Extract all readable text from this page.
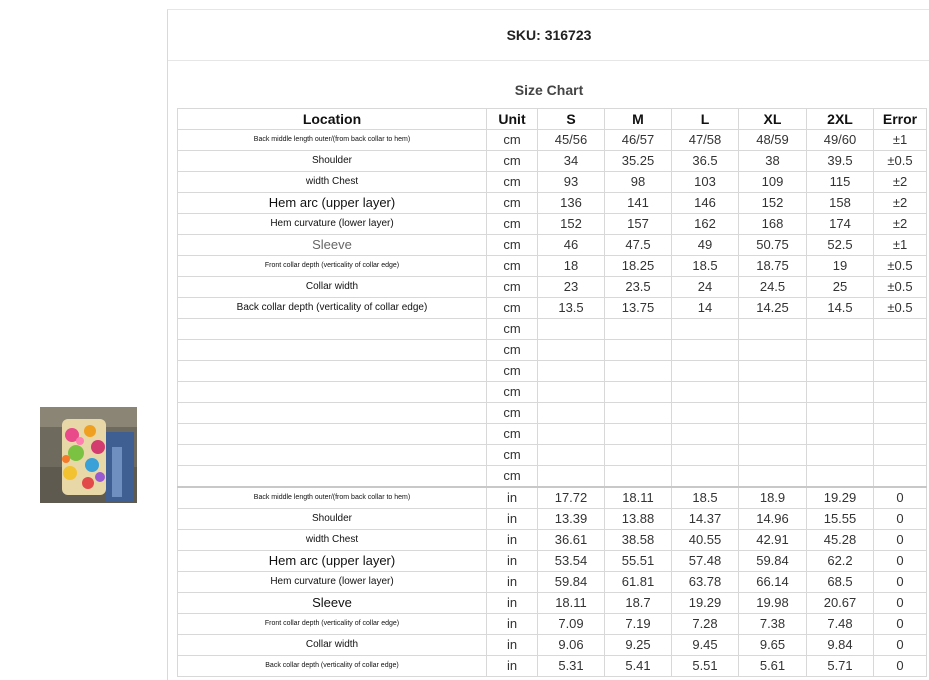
SKU: 316723
Size Chart
Location	Unit	S	M	L	XL	2XL	Error
Back middle length outer/(from back collar to hem)	cm	45/56	46/57	47/58	48/59	49/60	±1
Shoulder	cm	34	35.25	36.5	38	39.5	±0.5
width Chest	cm	93	98	103	109	115	±2
Hem arc (upper layer)	cm	136	141	146	152	158	±2
Hem curvature (lower layer)	cm	152	157	162	168	174	±2
Sleeve	cm	46	47.5	49	50.75	52.5	±1
Front collar depth (verticality of collar edge)	cm	18	18.25	18.5	18.75	19	±0.5
Collar width	cm	23	23.5	24	24.5	25	±0.5
Back collar depth (verticality of collar edge)	cm	13.5	13.75	14	14.25	14.5	±0.5
	cm						
	cm						
	cm						
	cm						
	cm						
	cm						
	cm						
	cm						
Back middle length outer/(from back collar to hem)	in	17.72	18.11	18.5	18.9	19.29	0
Shoulder	in	13.39	13.88	14.37	14.96	15.55	0
width Chest	in	36.61	38.58	40.55	42.91	45.28	0
Hem arc (upper layer)	in	53.54	55.51	57.48	59.84	62.2	0
Hem curvature (lower layer)	in	59.84	61.81	63.78	66.14	68.5	0
Sleeve	in	18.11	18.7	19.29	19.98	20.67	0
Front collar depth (verticality of collar edge)	in	7.09	7.19	7.28	7.38	7.48	0
Collar width	in	9.06	9.25	9.45	9.65	9.84	0
Back collar depth (verticality of collar edge)	in	5.31	5.41	5.51	5.61	5.71	0
